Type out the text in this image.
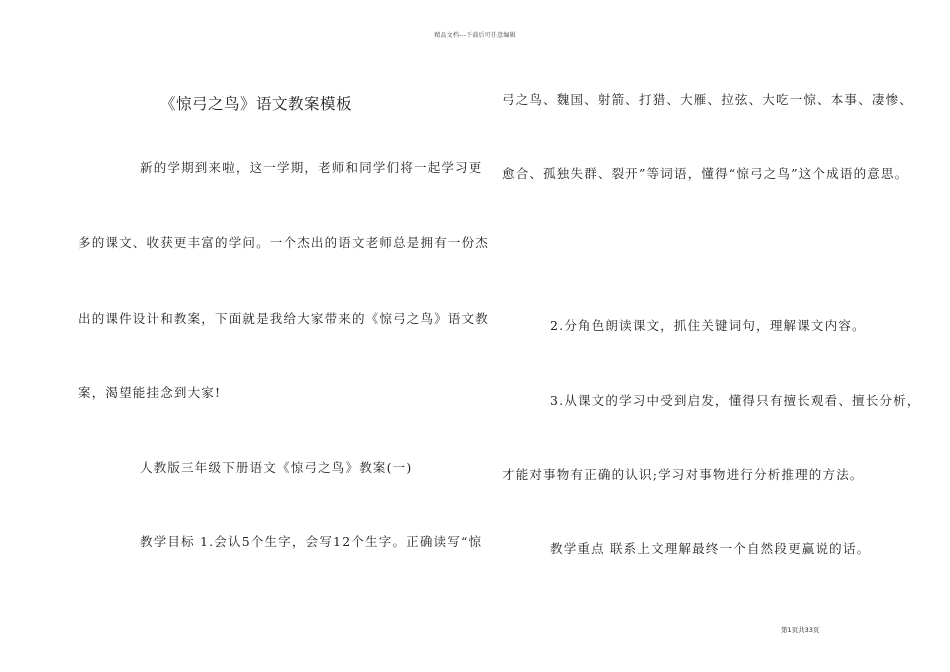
精品文档---下载后可任意编辑
《惊弓之鸟》语文教案模板
新的学期到来啦，这一学期，老师和同学们将一起学习更
多的课文、收获更丰富的学问。一个杰出的语文老师总是拥有一份杰
出的课件设计和教案，下面就是我给大家带来的《惊弓之鸟》语文教
案，渴望能挂念到大家!
人教版三年级下册语文《惊弓之鸟》教案(一)
教学目标 1.会认5个生字，会写12个生字。正确读写“惊
弓之鸟、魏国、射箭、打猎、大雁、拉弦、大吃一惊、本事、凄惨、
愈合、孤独失群、裂开”等词语，懂得“惊弓之鸟”这个成语的意思。
2.分角色朗读课文，抓住关键词句，理解课文内容。
3.从课文的学习中受到启发，懂得只有擅长观看、擅长分析，
才能对事物有正确的认识;学习对事物进行分析推理的方法。
教学重点 联系上文理解最终一个自然段更赢说的话。
第1页共33页
